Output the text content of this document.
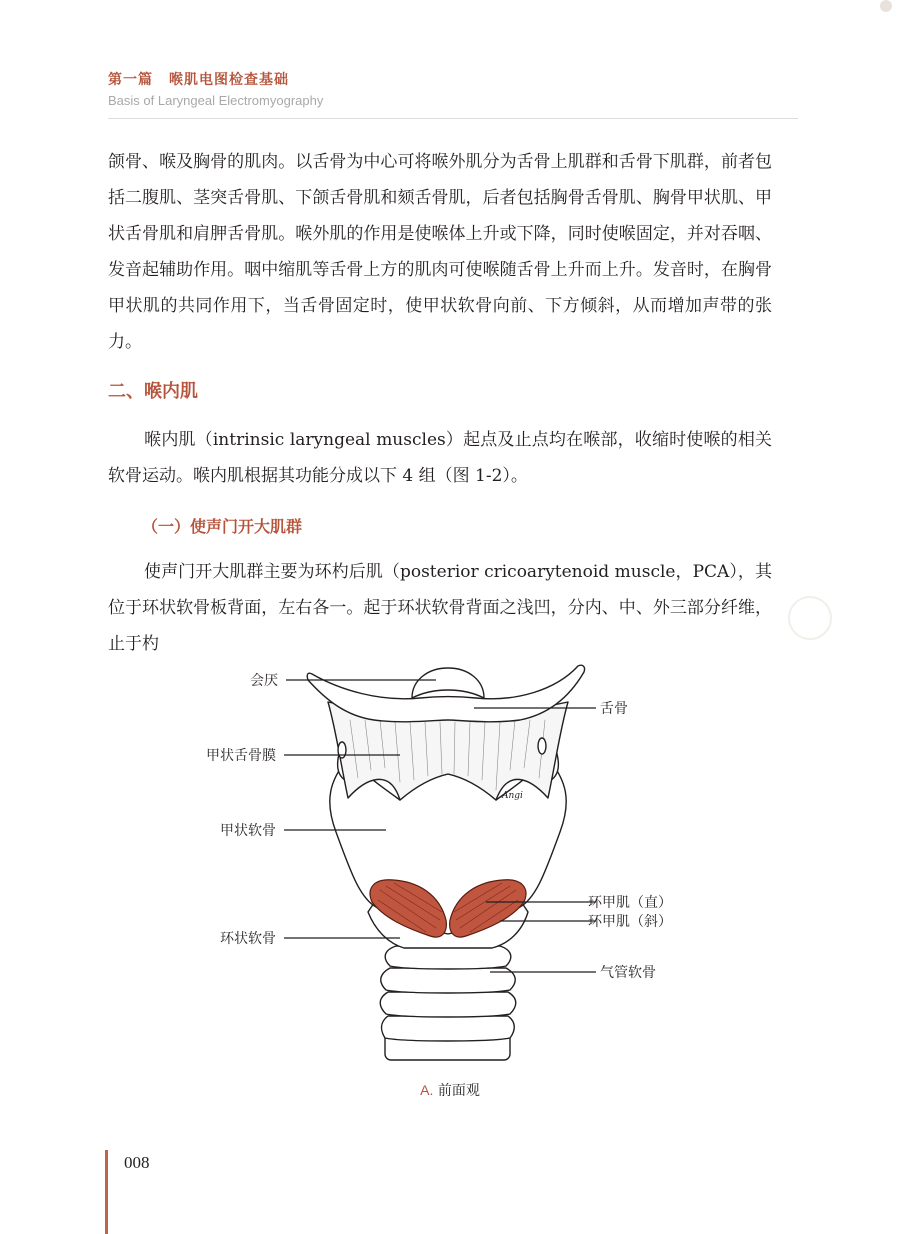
第一篇 喉肌电图检查基础
Basis of Laryngeal Electromyography
颌骨、喉及胸骨的肌肉。以舌骨为中心可将喉外肌分为舌骨上肌群和舌骨下肌群，前者包括二腹肌、茎突舌骨肌、下颌舌骨肌和颏舌骨肌，后者包括胸骨舌骨肌、胸骨甲状肌、甲状舌骨肌和肩胛舌骨肌。喉外肌的作用是使喉体上升或下降，同时使喉固定，并对吞咽、发音起辅助作用。咽中缩肌等舌骨上方的肌肉可使喉随舌骨上升而上升。发音时，在胸骨甲状肌的共同作用下，当舌骨固定时，使甲状软骨向前、下方倾斜，从而增加声带的张力。
二、喉内肌
喉内肌（intrinsic laryngeal muscles）起点及止点均在喉部，收缩时使喉的相关软骨运动。喉内肌根据其功能分成以下 4 组（图 1-2）。
（一）使声门开大肌群
使声门开大肌群主要为环杓后肌（posterior cricoarytenoid muscle，PCA），其位于环状软骨板背面，左右各一。起于环状软骨背面之浅凹，分内、中、外三部分纤维，止于杓
Angi
会厌
舌骨
甲状舌骨膜
甲状软骨
环甲肌（直）
环甲肌（斜）
环状软骨
气管软骨
A. 前面观
008
